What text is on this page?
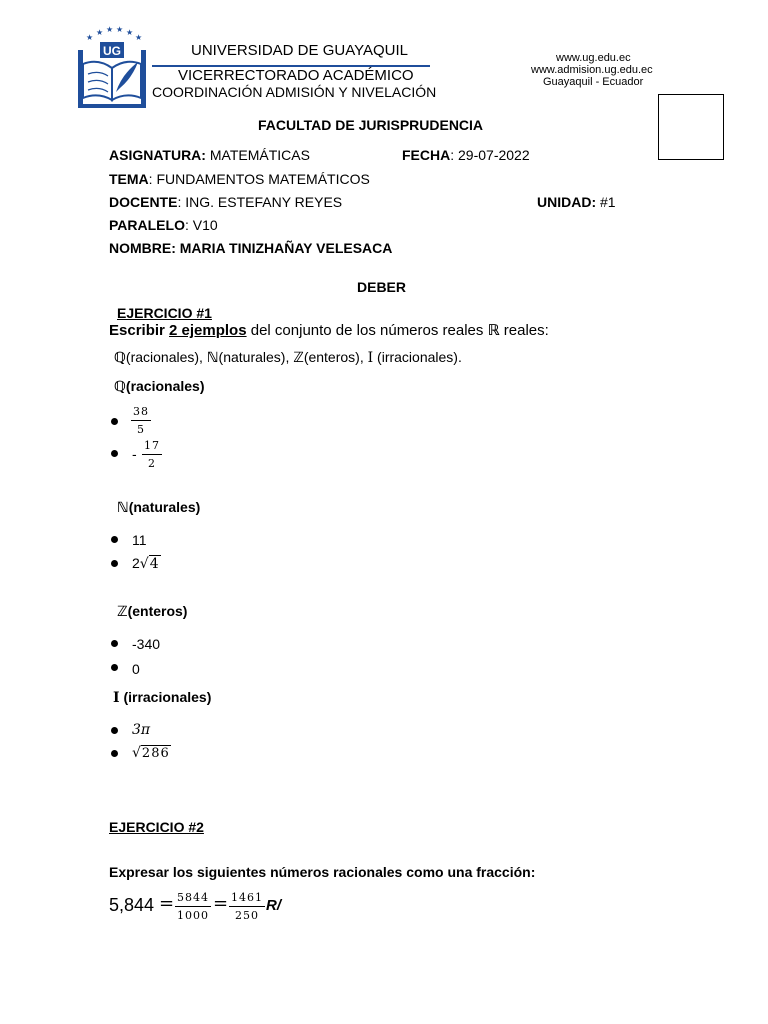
★
★ ★ ★ ★
★
UG	UNIVERSIDAD DE GUAYAQUIL
VICERRECTORADO ACADÉMICO
COORDINACIÓN ADMISIÓN Y NIVELACIÓN
www.ug.edu.ec
www.admision.ug.edu.ec
Guayaquil - Ecuador
FACULTAD DE JURISPRUDENCIA
ASIGNATURA: MATEMÁTICAS	FECHA: 29-07-2022
TEMA: FUNDAMENTOS MATEMÁTICOS
DOCENTE: ING. ESTEFANY REYES	UNIDAD: #1
PARALELO: V10
NOMBRE: MARIA TINIZHAÑAY VELESACA
DEBER
EJERCICIO #1
Escribir 2 ejemplos del conjunto de los números reales ℝ reales:
ℚ(racionales), ℕ(naturales), ℤ(enteros), I (irracionales).
ℚ(racionales)
$\frac{38}{5}$
- $\frac{17}{2}$
ℕ(naturales)
11
2√4
ℤ(enteros)
-340
0
I (irracionales)
3π
√286
EJERCICIO #2
Expresar los siguientes números racionales como una fracción:
$5,844 = \frac{5844}{1000} = \frac{1461}{250} R/$
